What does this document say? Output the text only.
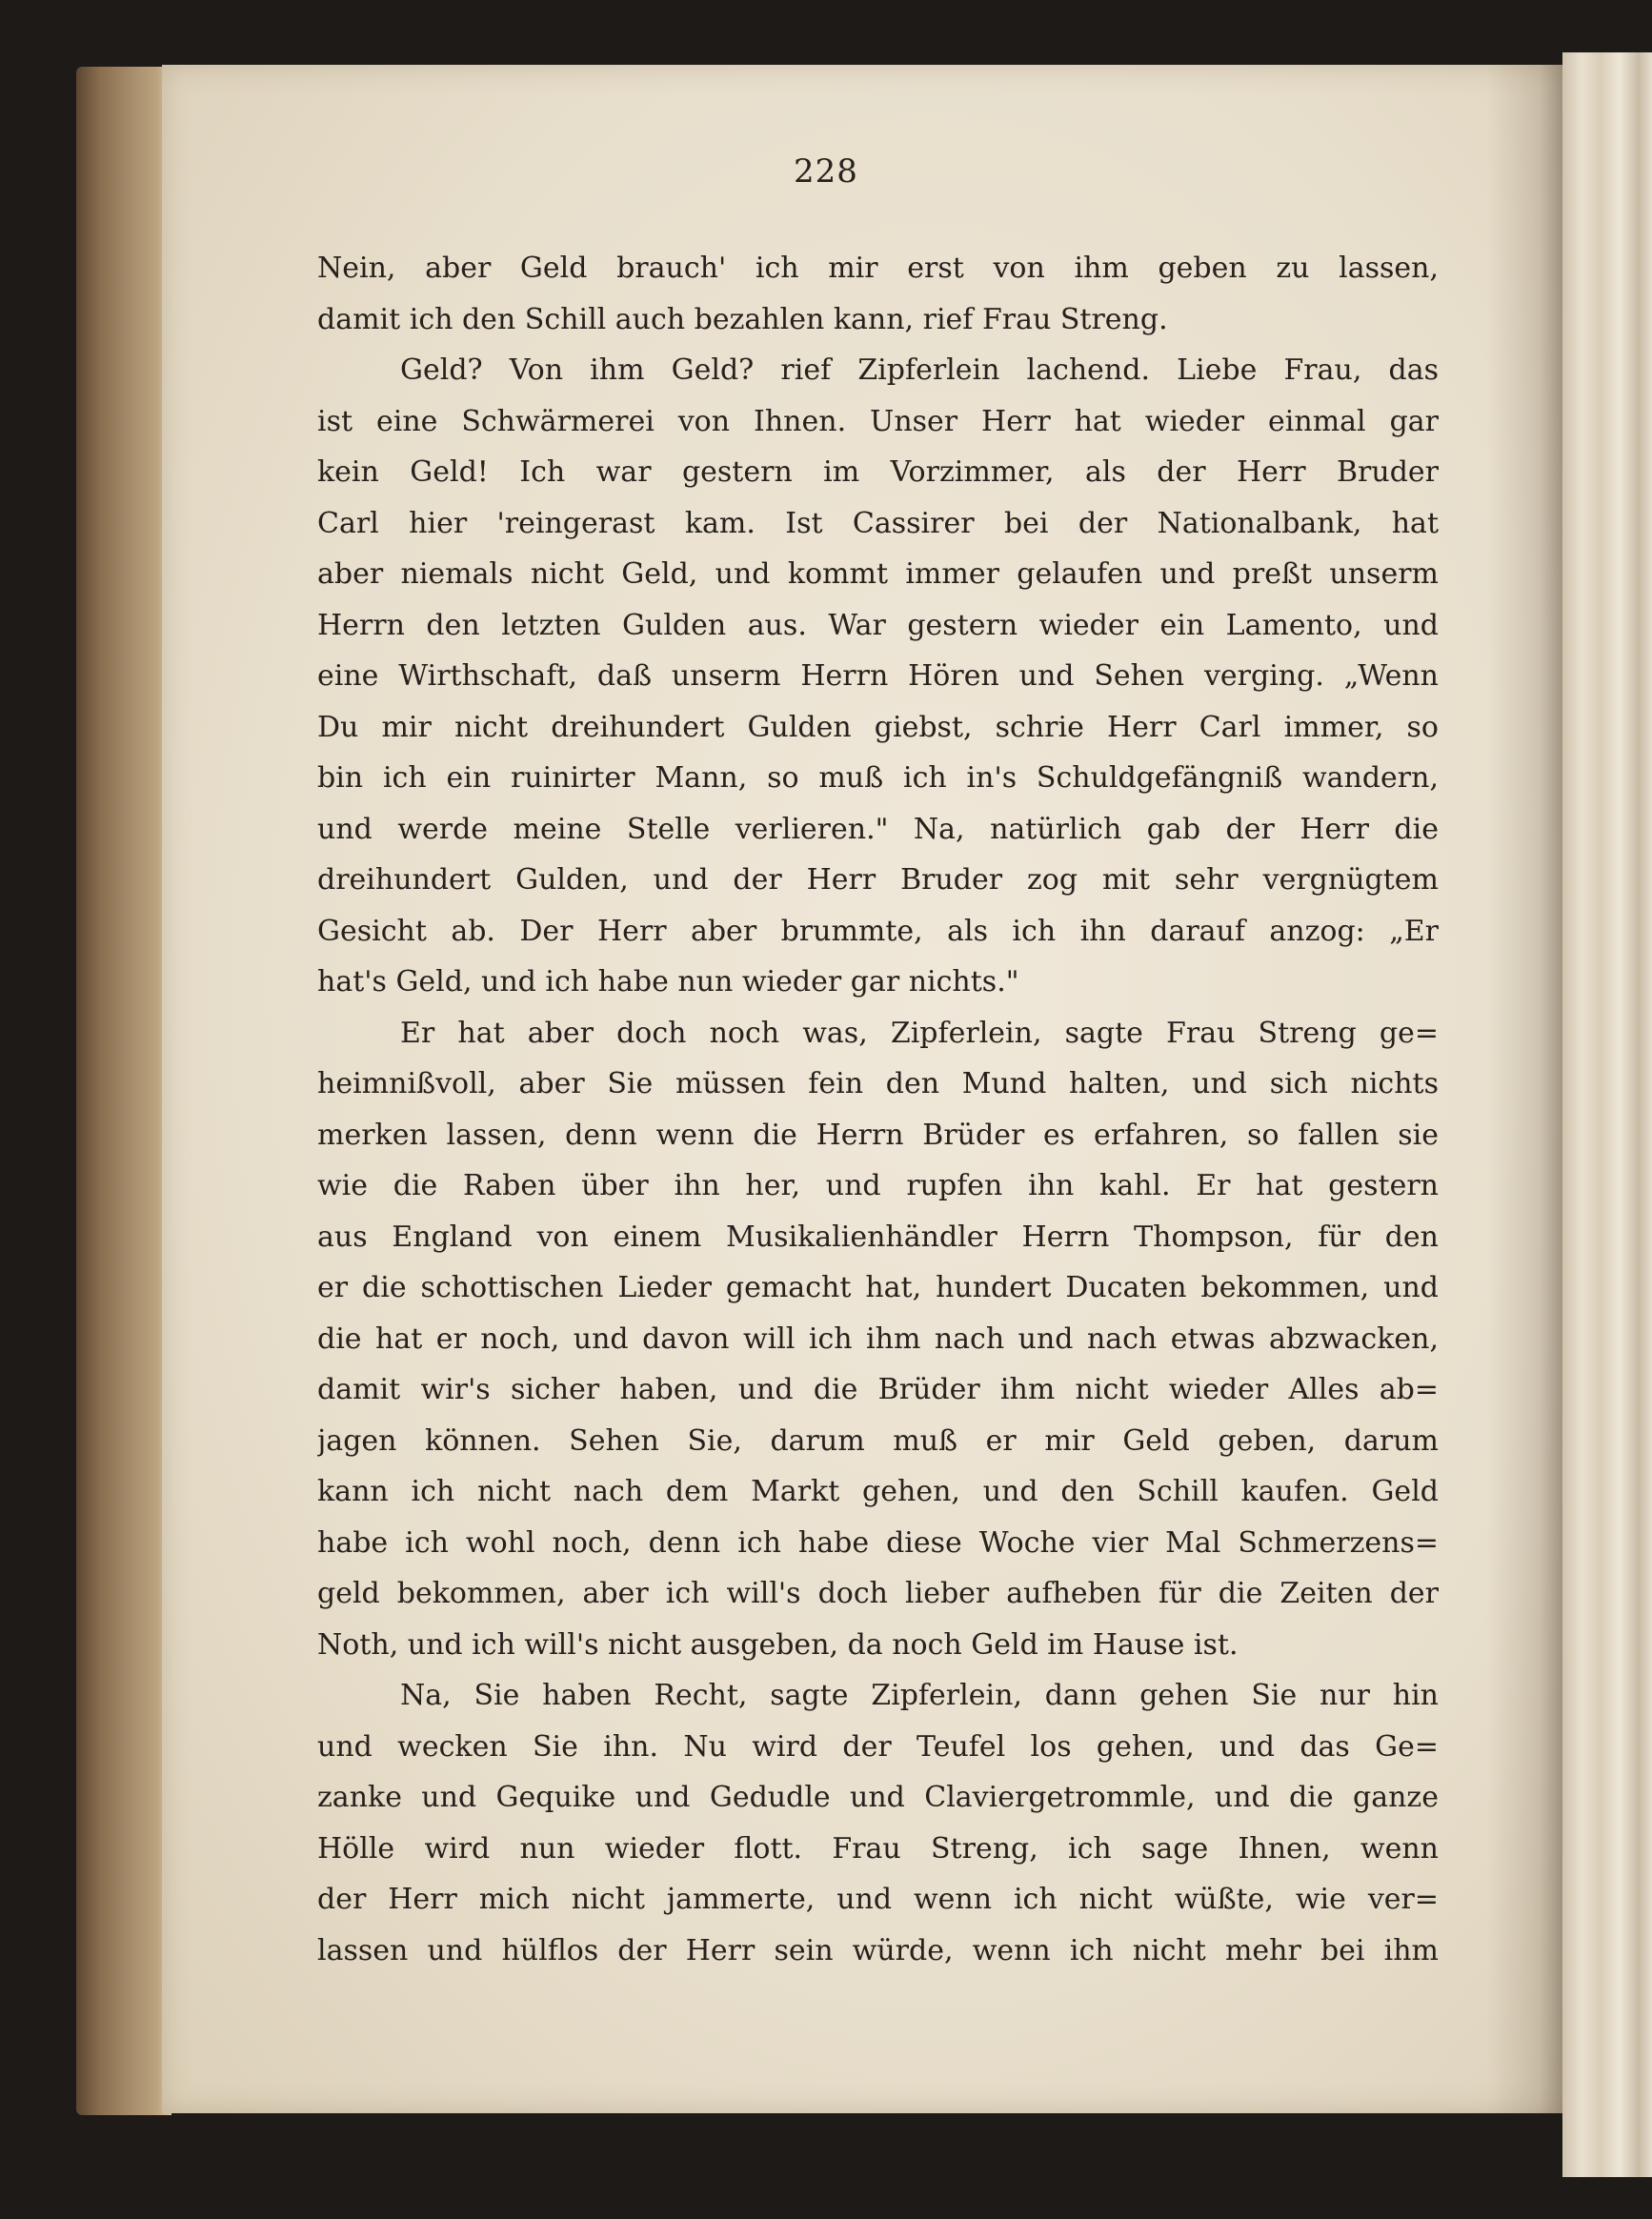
228

Nein, aber Geld brauch' ich mir erst von ihm geben zu lassen,

damit ich den Schill auch bezahlen kann, rief Frau Streng.

Geld? Von ihm Geld? rief Zipferlein lachend. Liebe Frau, das

ist eine Schwärmerei von Ihnen. Unser Herr hat wieder einmal gar

kein Geld! Ich war gestern im Vorzimmer, als der Herr Bruder

Carl hier 'reingerast kam. Ist Cassirer bei der Nationalbank, hat

aber niemals nicht Geld, und kommt immer gelaufen und preßt unserm

Herrn den letzten Gulden aus. War gestern wieder ein Lamento, und

eine Wirthschaft, daß unserm Herrn Hören und Sehen verging. „Wenn

Du mir nicht dreihundert Gulden giebst, schrie Herr Carl immer, so

bin ich ein ruinirter Mann, so muß ich in's Schuldgefängniß wandern,

und werde meine Stelle verlieren." Na, natürlich gab der Herr die

dreihundert Gulden, und der Herr Bruder zog mit sehr vergnügtem

Gesicht ab. Der Herr aber brummte, als ich ihn darauf anzog: „Er

hat's Geld, und ich habe nun wieder gar nichts."

Er hat aber doch noch was, Zipferlein, sagte Frau Streng ge=

heimnißvoll, aber Sie müssen fein den Mund halten, und sich nichts

merken lassen, denn wenn die Herrn Brüder es erfahren, so fallen sie

wie die Raben über ihn her, und rupfen ihn kahl. Er hat gestern

aus England von einem Musikalienhändler Herrn Thompson, für den

er die schottischen Lieder gemacht hat, hundert Ducaten bekommen, und

die hat er noch, und davon will ich ihm nach und nach etwas abzwacken,

damit wir's sicher haben, und die Brüder ihm nicht wieder Alles ab=

jagen können. Sehen Sie, darum muß er mir Geld geben, darum

kann ich nicht nach dem Markt gehen, und den Schill kaufen. Geld

habe ich wohl noch, denn ich habe diese Woche vier Mal Schmerzens=

geld bekommen, aber ich will's doch lieber aufheben für die Zeiten der

Noth, und ich will's nicht ausgeben, da noch Geld im Hause ist.

Na, Sie haben Recht, sagte Zipferlein, dann gehen Sie nur hin

und wecken Sie ihn. Nu wird der Teufel los gehen, und das Ge=

zanke und Gequike und Gedudle und Claviergetrommle, und die ganze

Hölle wird nun wieder flott. Frau Streng, ich sage Ihnen, wenn

der Herr mich nicht jammerte, und wenn ich nicht wüßte, wie ver=

lassen und hülflos der Herr sein würde, wenn ich nicht mehr bei ihm
